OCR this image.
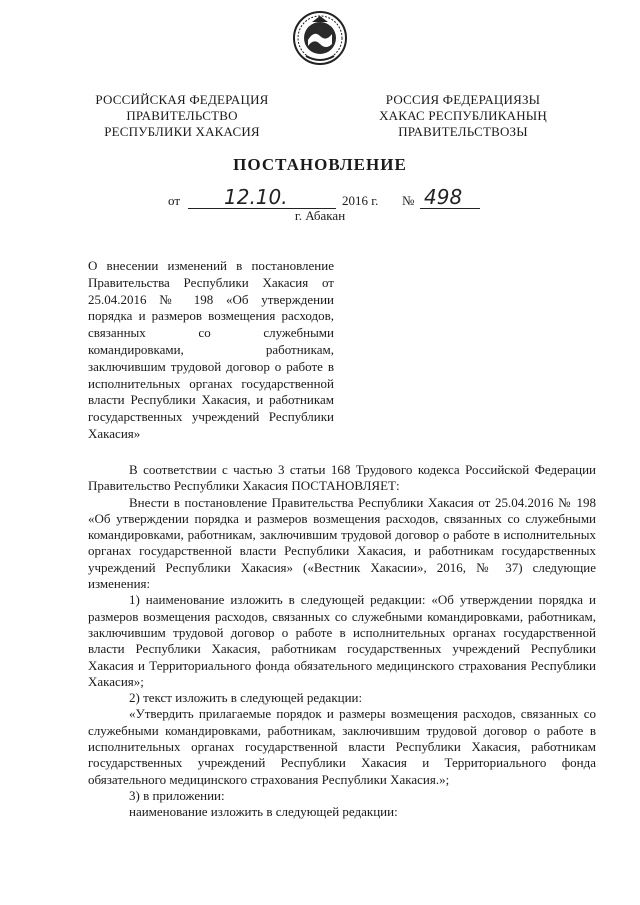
РОССИЙСКАЯ ФЕДЕРАЦИЯ
ПРАВИТЕЛЬСТВО
РЕСПУБЛИКИ ХАКАСИЯ
РОССИЯ ФЕДЕРАЦИЯЗЫ
ХАКАС РЕСПУБЛИКАНЫҢ
ПРАВИТЕЛЬСТВОЗЫ
ПОСТАНОВЛЕНИЕ
от 12.10.	2016 г. № 498
г. Абакан
О внесении изменений в постановление Правительства Республики Хакасия от 25.04.2016 № 198 «Об утверждении порядка и размеров возмещения расходов, связанных со служебными командировками, работникам, заключившим трудовой договор о работе в исполнительных органах государственной власти Республики Хакасия, и работникам государственных учреждений Республики Хакасия»

В соответствии с частью 3 статьи 168 Трудового кодекса Российской Федерации Правительство Республики Хакасия ПОСТАНОВЛЯЕТ:

Внести в постановление Правительства Республики Хакасия от 25.04.2016 № 198 «Об утверждении порядка и размеров возмещения расходов, связанных со служебными командировками, работникам, заключившим трудовой договор о работе в исполнительных органах государственной власти Республики Хакасия, и работникам государственных учреждений Республики Хакасия» («Вестник Хакасии», 2016, № 37) следующие изменения:

1) наименование изложить в следующей редакции: «Об утверждении порядка и размеров возмещения расходов, связанных со служебными командировками, работникам, заключившим трудовой договор о работе в исполнительных органах государственной власти Республики Хакасия, работникам государственных учреждений Республики Хакасия и Территориального фонда обязательного медицинского страхования Республики Хакасия»;

2) текст изложить в следующей редакции:

«Утвердить прилагаемые порядок и размеры возмещения расходов, связанных со служебными командировками, работникам, заключившим трудовой договор о работе в исполнительных органах государственной власти Республики Хакасия, работникам государственных учреждений Республики Хакасия и Территориального фонда обязательного медицинского страхования Республики Хакасия.»;

3) в приложении:

наименование изложить в следующей редакции:
